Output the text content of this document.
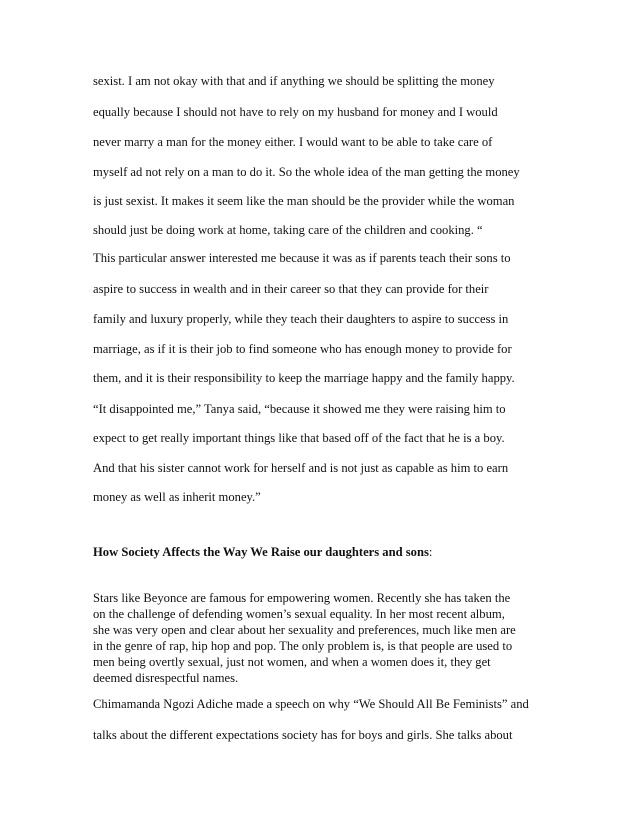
sexist. I am not okay with that and if anything we should be splitting the money
equally because I should not have to rely on my husband for money and I would
never marry a man for the money either. I would want to be able to take care of
myself ad not rely on a man to do it. So the whole idea of the man getting the money
is just sexist. It makes it seem like the man should be the provider while the woman
should just be doing work at home, taking care of the children and cooking. “
This particular answer interested me because it was as if parents teach their sons to
aspire to success in wealth and in their career so that they can provide for their
family and luxury properly, while they teach their daughters to aspire to success in
marriage, as if it is their job to find someone who has enough money to provide for
them, and it is their responsibility to keep the marriage happy and the family happy.
“It disappointed me,” Tanya said, “because it showed me they were raising him to
expect to get really important things like that based off of the fact that he is a boy.
And that his sister cannot work for herself and is not just as capable as him to earn
money as well as inherit money.”
How Society Affects the Way We Raise our daughters and sons:
Stars like Beyonce are famous for empowering women. Recently she has taken the
on the challenge of defending women’s sexual equality. In her most recent album,
she was very open and clear about her sexuality and preferences, much like men are
in the genre of rap, hip hop and pop. The only problem is, is that people are used to
men being overtly sexual, just not women, and when a women does it, they get
deemed disrespectful names.
Chimamanda Ngozi Adiche made a speech on why “We Should All Be Feminists” and
talks about the different expectations society has for boys and girls. She talks about
